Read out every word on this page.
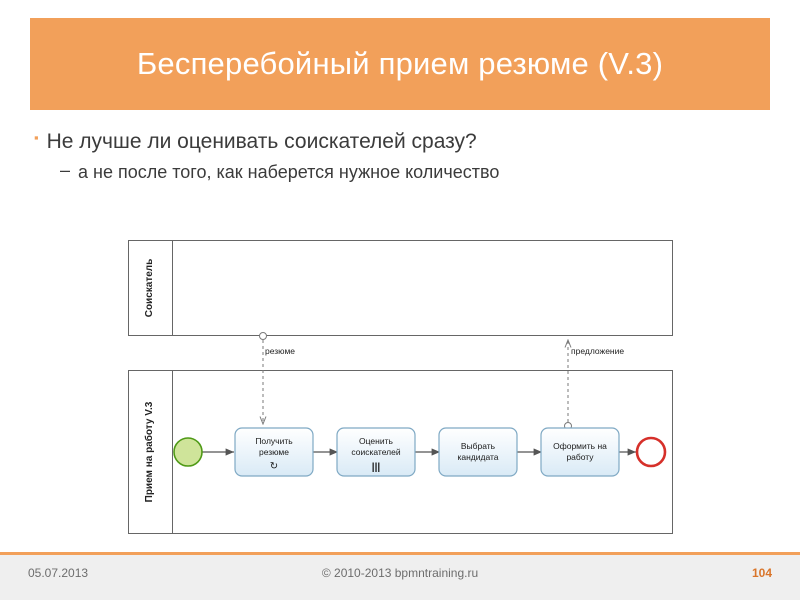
Бесперебойный прием резюме (V.3)
▪ Не лучше ли оценивать соискателей сразу?
– а не после того, как наберется нужное количество
Соискатель
Прием на работу V.3
резюме	предложение
Получить
резюме
↻
Оценить
соискателей
|||
Выбрать
кандидата
Оформить на
работу
05.07.2013	© 2010-2013 bpmntraining.ru	104
